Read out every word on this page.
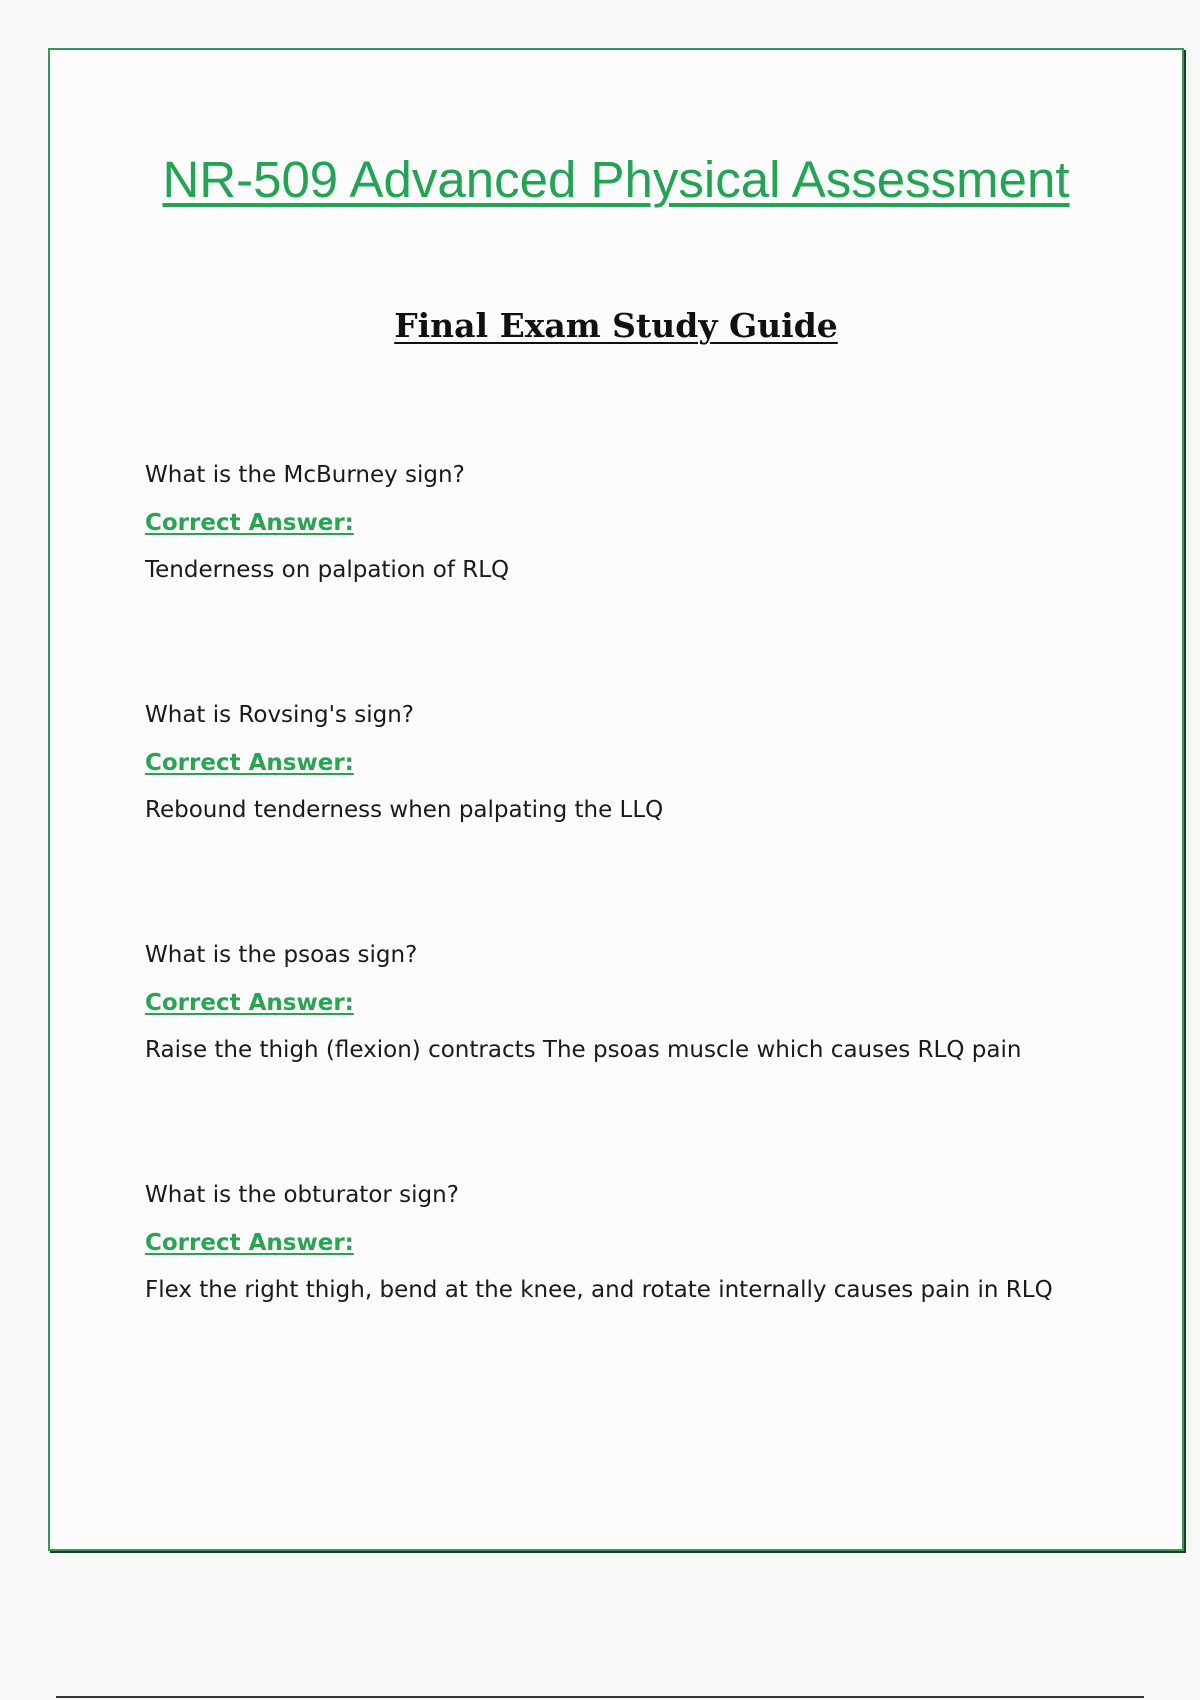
NR-509 Advanced Physical Assessment
Final Exam Study Guide

What is the McBurney sign?

Correct Answer:

Tenderness on palpation of RLQ

What is Rovsing's sign?

Correct Answer:

Rebound tenderness when palpating the LLQ

What is the psoas sign?

Correct Answer:

Raise the thigh (flexion) contracts The psoas muscle which causes RLQ pain

What is the obturator sign?

Correct Answer:

Flex the right thigh, bend at the knee, and rotate internally causes pain in RLQ
